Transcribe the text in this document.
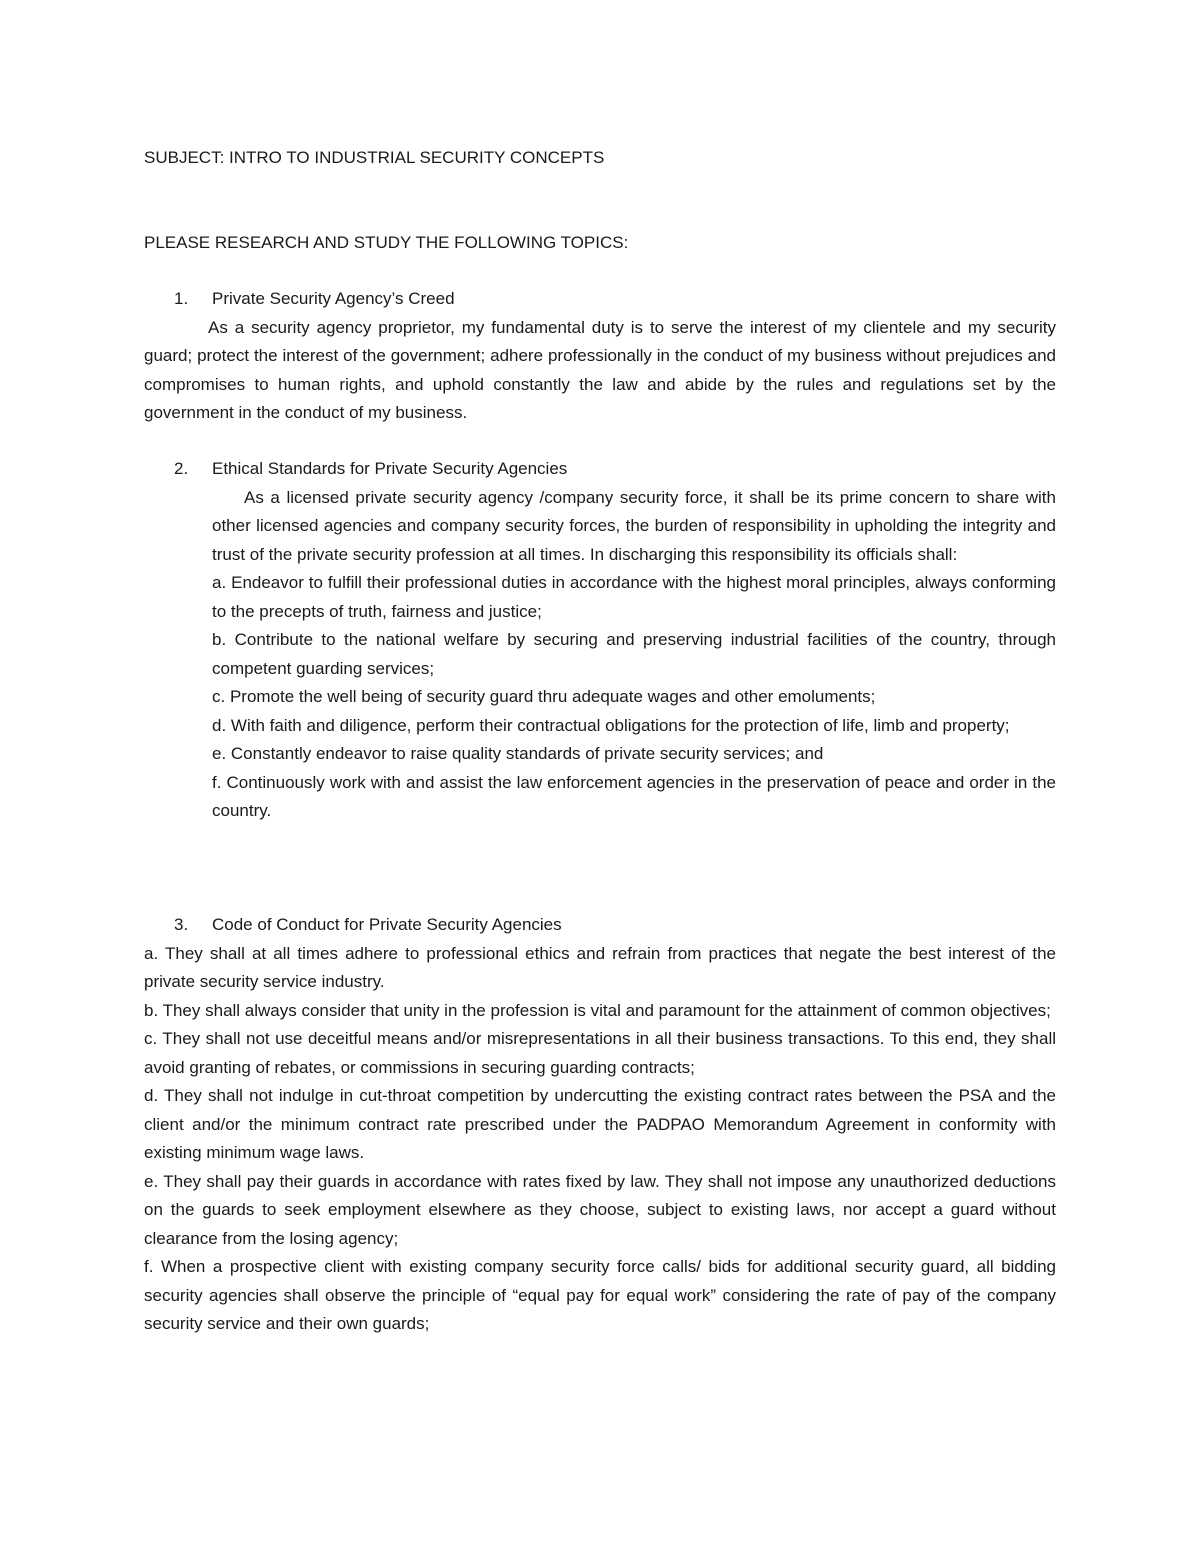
SUBJECT: INTRO TO INDUSTRIAL SECURITY CONCEPTS
PLEASE RESEARCH AND STUDY THE FOLLOWING TOPICS:
1. Private Security Agency’s Creed
As a security agency proprietor, my fundamental duty is to serve the interest of my clientele and my security guard; protect the interest of the government; adhere professionally in the conduct of my business without prejudices and compromises to human rights, and uphold constantly the law and abide by the rules and regulations set by the government in the conduct of my business.
2. Ethical Standards for Private Security Agencies
As a licensed private security agency /company security force, it shall be its prime concern to share with other licensed agencies and company security forces, the burden of responsibility in upholding the integrity and trust of the private security profession at all times. In discharging this responsibility its officials shall:
a. Endeavor to fulfill their professional duties in accordance with the highest moral principles, always conforming to the precepts of truth, fairness and justice;
b. Contribute to the national welfare by securing and preserving industrial facilities of the country, through competent guarding services;
c. Promote the well being of security guard thru adequate wages and other emoluments;
d. With faith and diligence, perform their contractual obligations for the protection of life, limb and property;
e. Constantly endeavor to raise quality standards of private security services; and
f. Continuously work with and assist the law enforcement agencies in the preservation of peace and order in the country.
3. Code of Conduct for Private Security Agencies
a. They shall at all times adhere to professional ethics and refrain from practices that negate the best interest of the private security service industry.
b. They shall always consider that unity in the profession is vital and paramount for the attainment of common objectives;
c. They shall not use deceitful means and/or misrepresentations in all their business transactions. To this end, they shall avoid granting of rebates, or commissions in securing guarding contracts;
d. They shall not indulge in cut-throat competition by undercutting the existing contract rates between the PSA and the client and/or the minimum contract rate prescribed under the PADPAO Memorandum Agreement in conformity with existing minimum wage laws.
e. They shall pay their guards in accordance with rates fixed by law. They shall not impose any unauthorized deductions on the guards to seek employment elsewhere as they choose, subject to existing laws, nor accept a guard without clearance from the losing agency;
f. When a prospective client with existing company security force calls/ bids for additional security guard, all bidding security agencies shall observe the principle of “equal pay for equal work” considering the rate of pay of the company security service and their own guards;
